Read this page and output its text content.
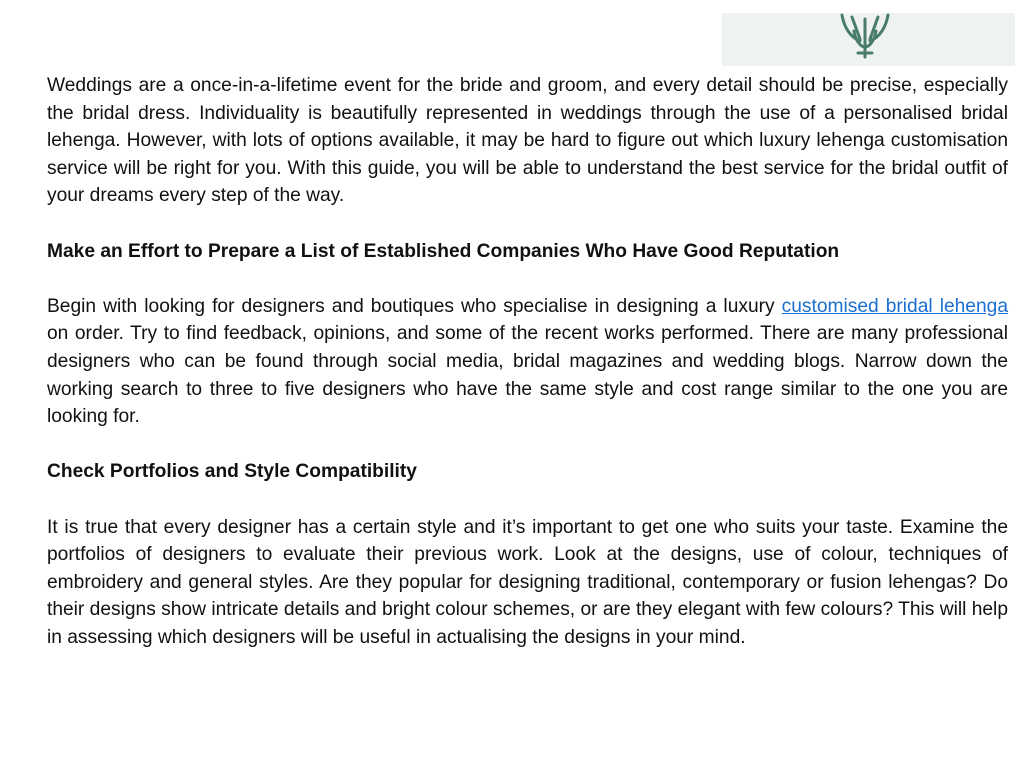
Weddings are a once-in-a-lifetime event for the bride and groom, and every detail should be precise, especially the bridal dress. Individuality is beautifully represented in weddings through the use of a personalised bridal lehenga. However, with lots of options available, it may be hard to figure out which luxury lehenga customisation service will be right for you. With this guide, you will be able to understand the best service for the bridal outfit of your dreams every step of the way.

Make an Effort to Prepare a List of Established Companies Who Have Good Reputation

Begin with looking for designers and boutiques who specialise in designing a luxury customised bridal lehenga on order. Try to find feedback, opinions, and some of the recent works performed. There are many professional designers who can be found through social media, bridal magazines and wedding blogs. Narrow down the working search to three to five designers who have the same style and cost range similar to the one you are looking for.

Check Portfolios and Style Compatibility

It is true that every designer has a certain style and it’s important to get one who suits your taste. Examine the portfolios of designers to evaluate their previous work. Look at the designs, use of colour, techniques of embroidery and general styles. Are they popular for designing traditional, contemporary or fusion lehengas? Do their designs show intricate details and bright colour schemes, or are they elegant with few colours? This will help in assessing which designers will be useful in actualising the designs in your mind.
